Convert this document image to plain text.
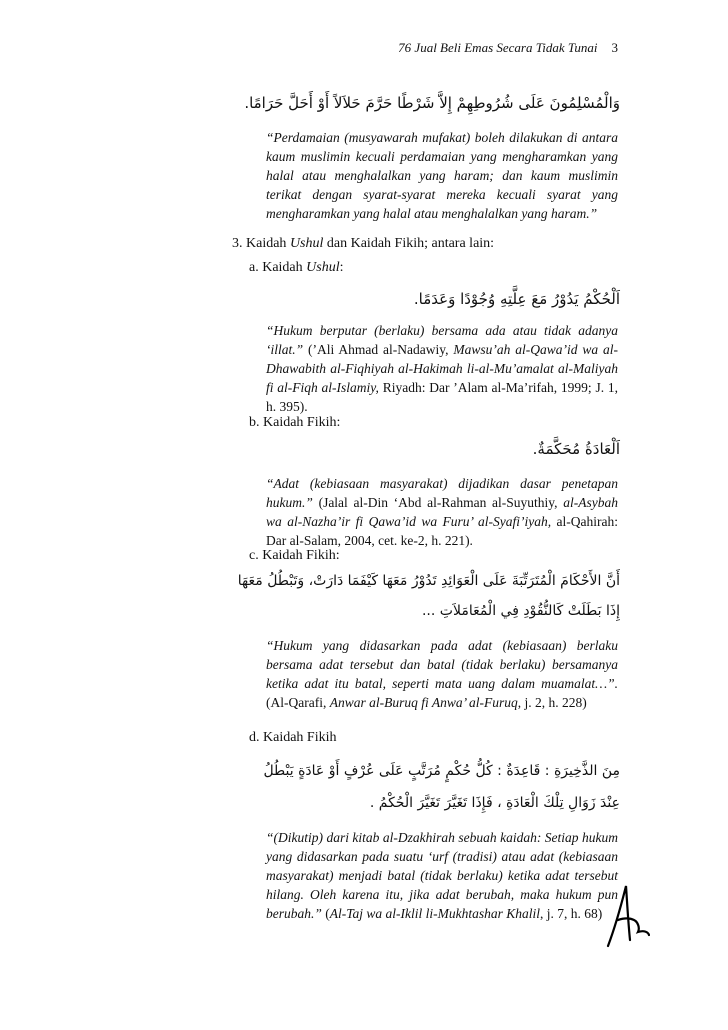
76 Jual Beli Emas Secara Tidak Tunai 3
وَالْمُسْلِمُونَ عَلَى شُرُوطِهِمْ إِلاَّ شَرْطًا حَرَّمَ حَلاَلاً أَوْ أَحَلَّ حَرَامًا.
“Perdamaian (musyawarah mufakat) boleh dilakukan di antara kaum muslimin kecuali perdamaian yang mengharamkan yang halal atau menghalalkan yang haram; dan kaum muslimin terikat dengan syarat-syarat mereka kecuali syarat yang mengharamkan yang halal atau menghalalkan yang haram.”
3. Kaidah Ushul dan Kaidah Fikih; antara lain:
a. Kaidah Ushul:
اَلْحُكْمُ يَدُوْرُ مَعَ عِلَّتِهِ وُجُوْدًا وَعَدَمًا.
“Hukum berputar (berlaku) bersama ada atau tidak adanya ‘illat.” (’Ali Ahmad al-Nadawiy, Mawsu’ah al-Qawa’id wa al-Dhawabith al-Fiqhiyah al-Hakimah li-al-Mu’amalat al-Maliyah fi al-Fiqh al-Islamiy, Riyadh: Dar ’Alam al-Ma’rifah, 1999; J. 1, h. 395).
b. Kaidah Fikih:
اَلْعَادَةُ مُحَكَّمَةٌ.
“Adat (kebiasaan masyarakat) dijadikan dasar penetapan hukum.” (Jalal al-Din ‘Abd al-Rahman al-Suyuthiy, al-Asybah wa al-Nazha’ir fi Qawa’id wa Furu’ al-Syafi’iyah, al-Qahirah: Dar al-Salam, 2004, cet. ke-2, h. 221).
c. Kaidah Fikih:
أَنَّ الأَحْكَامَ الْمُتَرَتِّبَةَ عَلَى الْعَوَائِدِ تَدُوْرُ مَعَهَا كَيْفَمَا دَارَتْ، وَتَبْطُلُ مَعَهَا
إِذَا بَطَلَتْ كَالنُّقُوْدِ فِي الْمُعَامَلاَتِ ...
“Hukum yang didasarkan pada adat (kebiasaan) berlaku bersama adat tersebut dan batal (tidak berlaku) bersamanya ketika adat itu batal, seperti mata uang dalam muamalat…”. (Al-Qarafi, Anwar al-Buruq fi Anwa’ al-Furuq, j. 2, h. 228)
d. Kaidah Fikih
مِنَ الذَّخِيرَةِ : قَاعِدَةٌ : كُلُّ حُكْمٍ مُرَتَّبٍ عَلَى عُرْفٍ أَوْ عَادَةٍ يَبْطُلُ
عِنْدَ زَوَالِ تِلْكَ الْعَادَةِ ، فَإِذَا تَغَيَّرَ تَغَيَّرَ الْحُكْمُ .
“(Dikutip) dari kitab al-Dzakhirah sebuah kaidah: Setiap hukum yang didasarkan pada suatu ‘urf (tradisi) atau adat (kebiasaan masyarakat) menjadi batal (tidak berlaku) ketika adat tersebut hilang. Oleh karena itu, jika adat berubah, maka hukum pun berubah.” (Al-Taj wa al-Iklil li-Mukhtashar Khalil, j. 7, h. 68)
